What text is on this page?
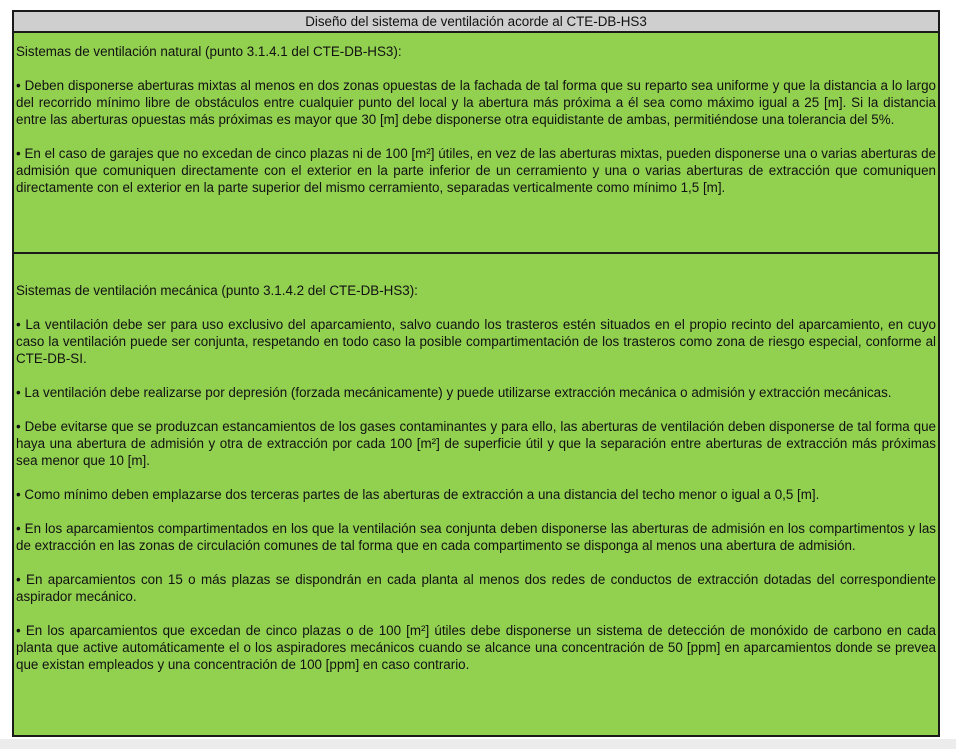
Diseño del sistema de ventilación acorde al CTE-DB-HS3

Sistemas de ventilación natural (punto 3.1.4.1 del CTE-DB-HS3):

• Deben disponerse aberturas mixtas al menos en dos zonas opuestas de la fachada de tal forma que su reparto sea uniforme y que la distancia a lo largo del recorrido mínimo libre de obstáculos entre cualquier punto del local y la abertura más próxima a él sea como máximo igual a 25 [m]. Si la distancia entre las aberturas opuestas más próximas es mayor que 30 [m] debe disponerse otra equidistante de ambas, permitiéndose una tolerancia del 5%.

• En el caso de garajes que no excedan de cinco plazas ni de 100 [m²] útiles, en vez de las aberturas mixtas, pueden disponerse una o varias aberturas de admisión que comuniquen directamente con el exterior en la parte inferior de un cerramiento y una o varias aberturas de extracción que comuniquen directamente con el exterior en la parte superior del mismo cerramiento, separadas verticalmente como mínimo 1,5 [m].

Sistemas de ventilación mecánica (punto 3.1.4.2 del CTE-DB-HS3):

• La ventilación debe ser para uso exclusivo del aparcamiento, salvo cuando los trasteros estén situados en el propio recinto del aparcamiento, en cuyo caso la ventilación puede ser conjunta, respetando en todo caso la posible compartimentación de los trasteros como zona de riesgo especial, conforme al CTE-DB-SI.

• La ventilación debe realizarse por depresión (forzada mecánicamente) y puede utilizarse extracción mecánica o admisión y extracción mecánicas.

• Debe evitarse que se produzcan estancamientos de los gases contaminantes y para ello, las aberturas de ventilación deben disponerse de tal forma que haya una abertura de admisión y otra de extracción por cada 100 [m²] de superficie útil y que la separación entre aberturas de extracción más próximas sea menor que 10 [m].

• Como mínimo deben emplazarse dos terceras partes de las aberturas de extracción a una distancia del techo menor o igual a 0,5 [m].

• En los aparcamientos compartimentados en los que la ventilación sea conjunta deben disponerse las aberturas de admisión en los compartimentos y las de extracción en las zonas de circulación comunes de tal forma que en cada compartimento se disponga al menos una abertura de admisión.

• En aparcamientos con 15 o más plazas se dispondrán en cada planta al menos dos redes de conductos de extracción dotadas del correspondiente aspirador mecánico.

• En los aparcamientos que excedan de cinco plazas o de 100 [m²] útiles debe disponerse un sistema de detección de monóxido de carbono en cada planta que active automáticamente el o los aspiradores mecánicos cuando se alcance una concentración de 50 [ppm] en aparcamientos donde se prevea que existan empleados y una concentración de 100 [ppm] en caso contrario.
